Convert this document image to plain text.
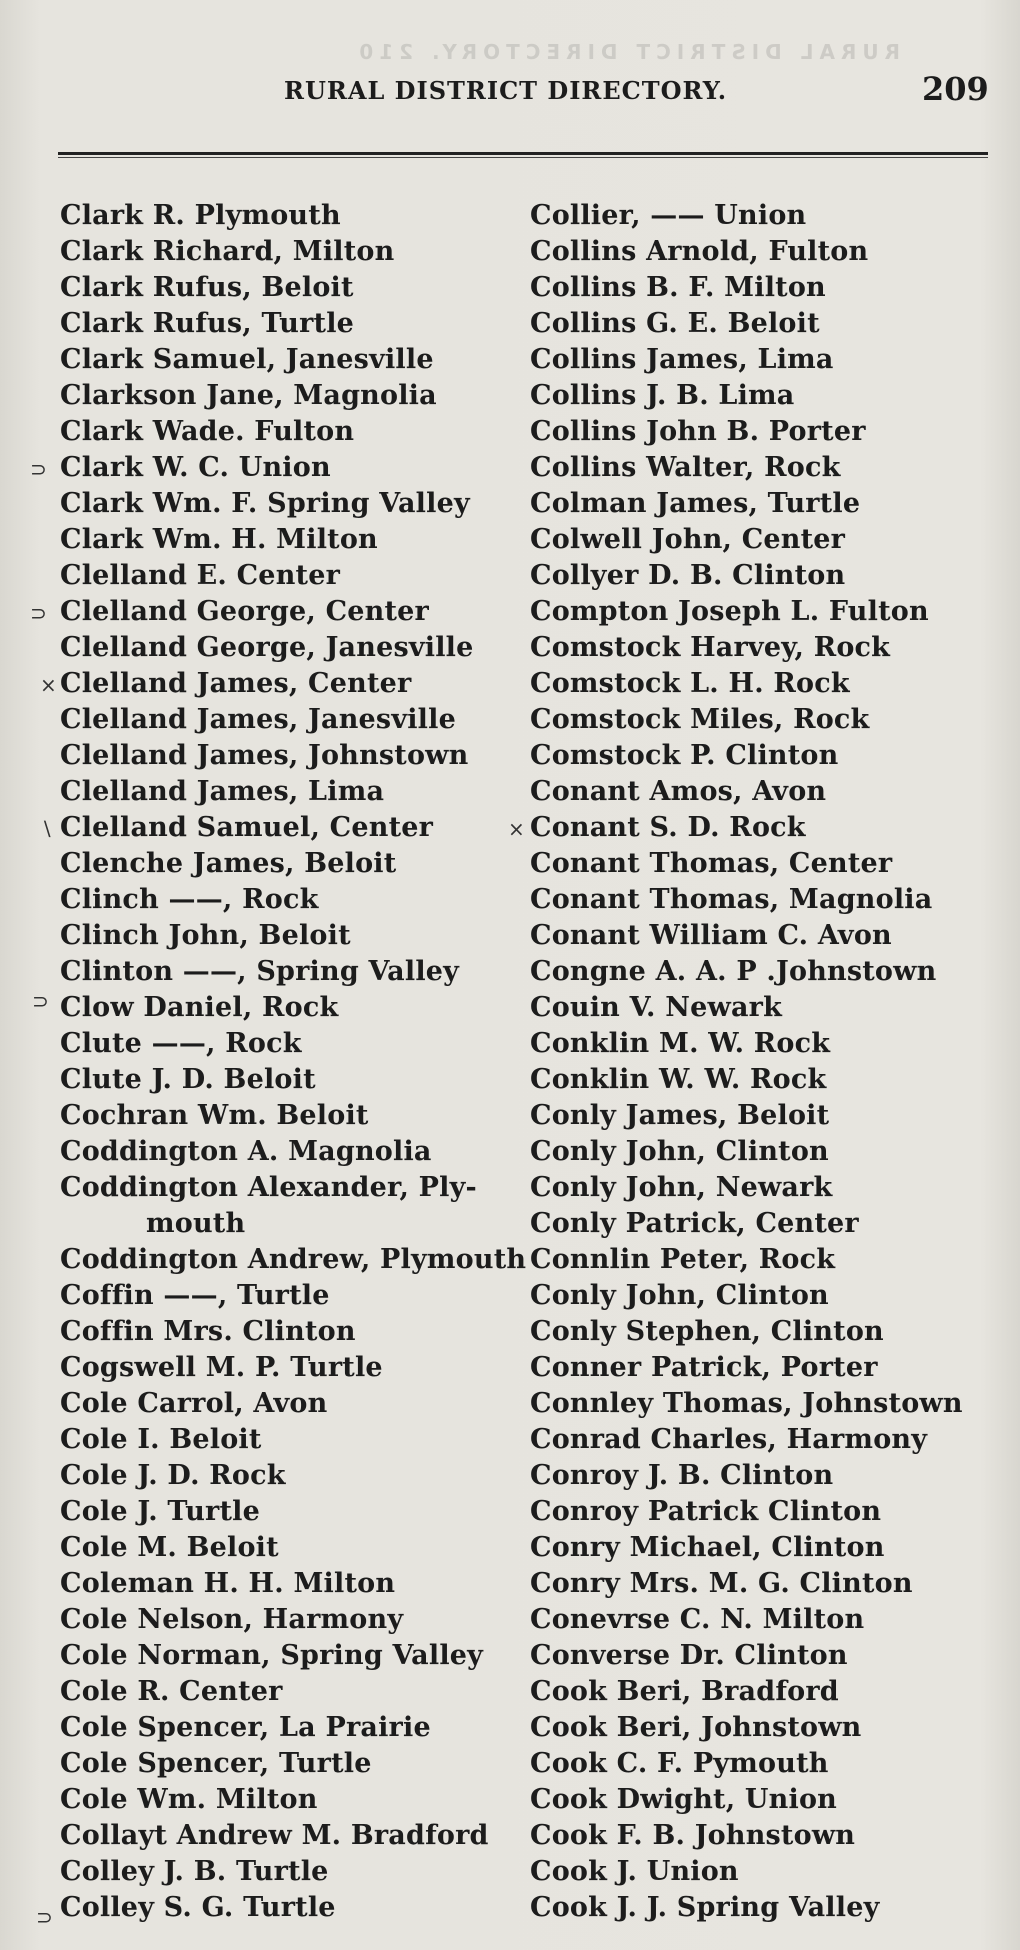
RURAL DISTRICT DIRECTORY. 210
RURAL DISTRICT DIRECTORY.	209
Clark R. Plymouth
Clark Richard, Milton
Clark Rufus, Beloit
Clark Rufus, Turtle
Clark Samuel, Janesville
Clarkson Jane, Magnolia
Clark Wade. Fulton
Clark W. C. Union
Clark Wm. F. Spring Valley
Clark Wm. H. Milton
Clelland E. Center
Clelland George, Center
Clelland George, Janesville
Clelland James, Center
Clelland James, Janesville
Clelland James, Johnstown
Clelland James, Lima
Clelland Samuel, Center
Clenche James, Beloit
Clinch ——, Rock
Clinch John, Beloit
Clinton ——, Spring Valley
Clow Daniel, Rock
Clute ——, Rock
Clute J. D. Beloit
Cochran Wm. Beloit
Coddington A. Magnolia
Coddington Alexander, Ply-
mouth
Coddington Andrew, Plymouth
Coffin ——, Turtle
Coffin Mrs. Clinton
Cogswell M. P. Turtle
Cole Carrol, Avon
Cole I. Beloit
Cole J. D. Rock
Cole J. Turtle
Cole M. Beloit
Coleman H. H. Milton
Cole Nelson, Harmony
Cole Norman, Spring Valley
Cole R. Center
Cole Spencer, La Prairie
Cole Spencer, Turtle
Cole Wm. Milton
Collayt Andrew M. Bradford
Colley J. B. Turtle
Colley S. G. Turtle
Collier, —— Union
Collins Arnold, Fulton
Collins B. F. Milton
Collins G. E. Beloit
Collins James, Lima
Collins J. B. Lima
Collins John B. Porter
Collins Walter, Rock
Colman James, Turtle
Colwell John, Center
Collyer D. B. Clinton
Compton Joseph L. Fulton
Comstock Harvey, Rock
Comstock L. H. Rock
Comstock Miles, Rock
Comstock P. Clinton
Conant Amos, Avon
Conant S. D. Rock
Conant Thomas, Center
Conant Thomas, Magnolia
Conant William C. Avon
Congne A. A. P .Johnstown
Couin V. Newark
Conklin M. W. Rock
Conklin W. W. Rock
Conly James, Beloit
Conly John, Clinton
Conly John, Newark
Conly Patrick, Center
Connlin Peter, Rock
Conly John, Clinton
Conly Stephen, Clinton
Conner Patrick, Porter
Connley Thomas, Johnstown
Conrad Charles, Harmony
Conroy J. B. Clinton
Conroy Patrick Clinton
Conry Michael, Clinton
Conry Mrs. M. G. Clinton
Conevrse C. N. Milton
Converse Dr. Clinton
Cook Beri, Bradford
Cook Beri, Johnstown
Cook C. F. Pymouth
Cook Dwight, Union
Cook F. B. Johnstown
Cook J. Union
Cook J. J. Spring Valley
⊃
⊃
×
∖	×
⊃
⊃
